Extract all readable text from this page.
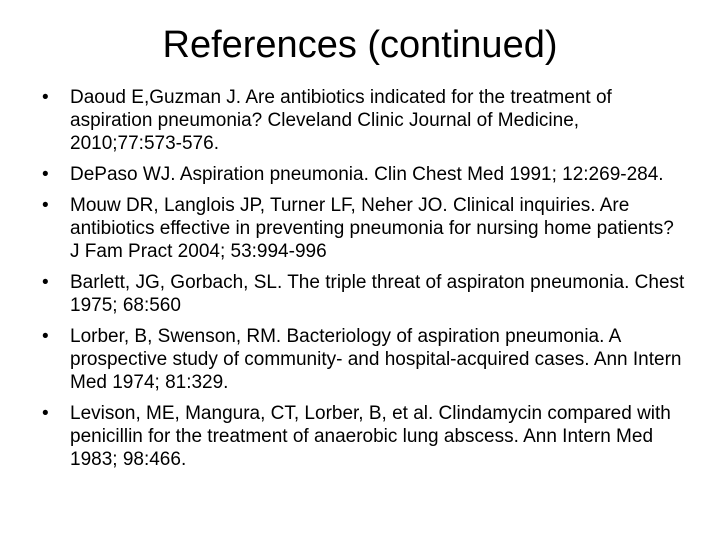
References (continued)
• Daoud E,Guzman J. Are antibiotics indicated for the treatment of aspiration pneumonia? Cleveland Clinic Journal of Medicine, 2010;77:573-576.
• DePaso WJ. Aspiration pneumonia. Clin Chest Med 1991; 12:269-284.
• Mouw DR, Langlois JP, Turner LF, Neher JO. Clinical inquiries. Are antibiotics effective in preventing pneumonia for nursing home patients? J Fam Pract 2004; 53:994-996
• Barlett, JG, Gorbach, SL. The triple threat of aspiraton pneumonia. Chest 1975; 68:560
• Lorber, B, Swenson, RM. Bacteriology of aspiration pneumonia. A prospective study of community- and hospital-acquired cases. Ann Intern Med 1974; 81:329.
• Levison, ME, Mangura, CT, Lorber, B, et al. Clindamycin compared with penicillin for the treatment of anaerobic lung abscess. Ann Intern Med 1983; 98:466.
